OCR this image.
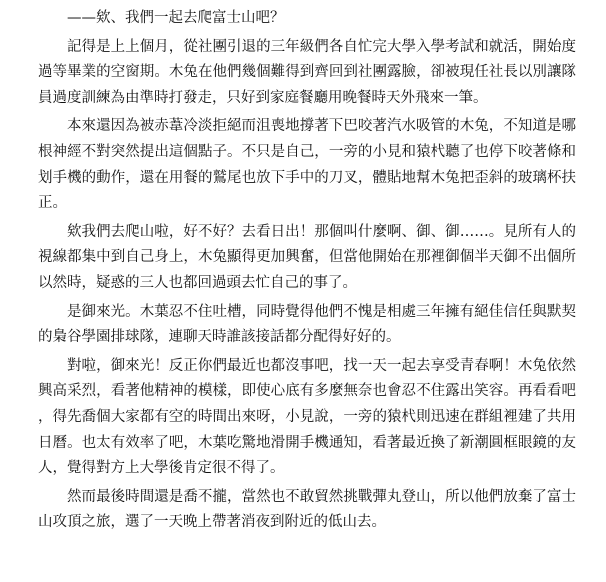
——欸、我們一起去爬富士山吧？

記得是上上個月，從社團引退的三年級們各自忙完大學入學考試和就活，開始度過等畢業的空窗期。木兔在他們幾個難得到齊回到社團露臉，卻被現任社長以別讓隊員過度訓練為由準時打發走，只好到家庭餐廳用晚餐時天外飛來一筆。

本來還因為被赤葦冷淡拒絕而沮喪地撐著下巴咬著汽水吸管的木兔，不知道是哪根神經不對突然提出這個點子。不只是自己，一旁的小見和猿杙聽了也停下咬著條和划手機的動作，還在用餐的鷲尾也放下手中的刀叉，體貼地幫木兔把歪斜的玻璃杯扶正。

欸我們去爬山啦，好不好？去看日出！那個叫什麼啊、御、御……。見所有人的視線都集中到自己身上，木兔顯得更加興奮，但當他開始在那裡御個半天御不出個所以然時，疑惑的三人也都回過頭去忙自己的事了。

是御來光。木葉忍不住吐槽，同時覺得他們不愧是相處三年擁有絕佳信任與默契的梟谷學園排球隊，連聊天時誰該接話都分配得好好的。

對啦，御來光！反正你們最近也都沒事吧，找一天一起去享受青春啊！木兔依然興高采烈，看著他精神的模樣，即使心底有多麼無奈也會忍不住露出笑容。再看看吧，得先喬個大家都有空的時間出來呀，小見說，一旁的猿杙則迅速在群組裡建了共用日曆。也太有效率了吧，木葉吃驚地滑開手機通知，看著最近換了新潮圓框眼鏡的友人，覺得對方上大學後肯定很不得了。

然而最後時間還是喬不攏，當然也不敢貿然挑戰彈丸登山，所以他們放棄了富士山攻頂之旅，選了一天晚上帶著消夜到附近的低山去。
